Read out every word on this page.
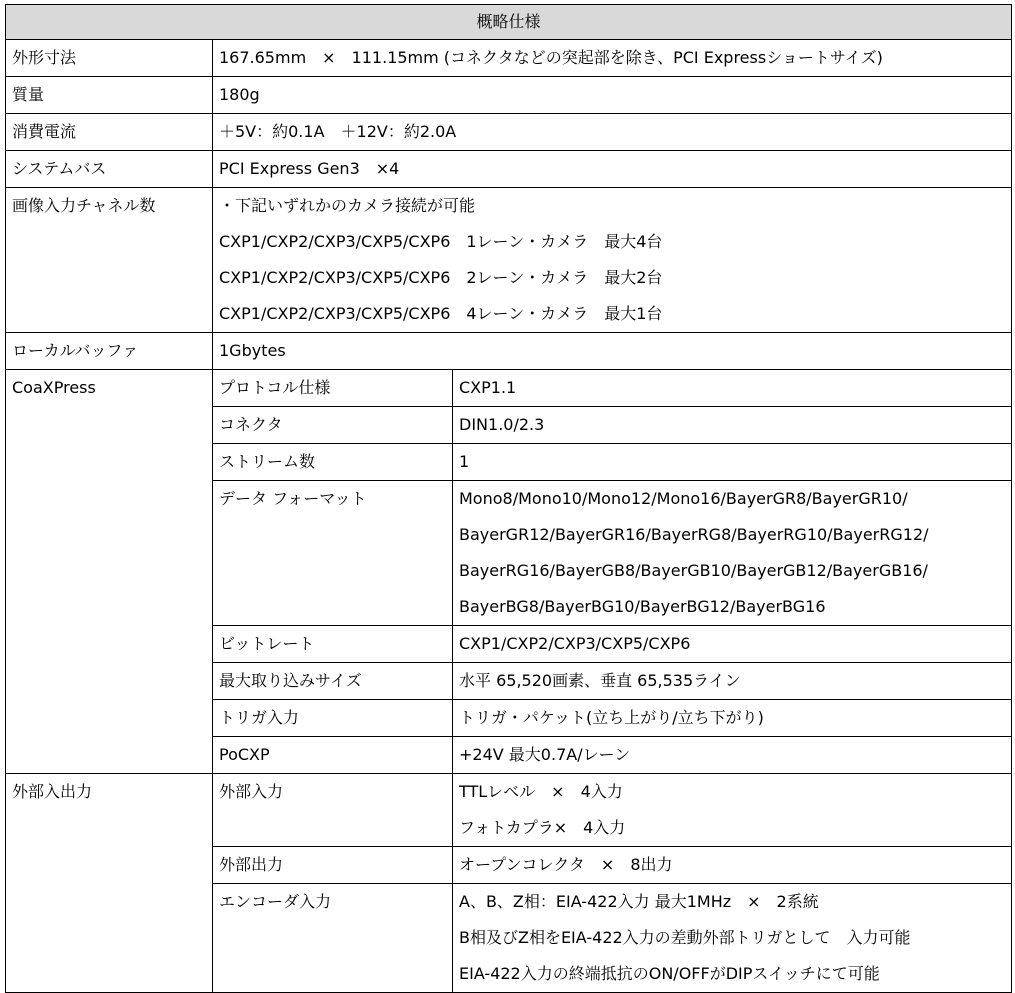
概略仕様		
外形寸法	167.65mm　×　111.15mm (コネクタなどの突起部を除き、PCI Expressショートサイズ)	
質量	180g	
消費電流	＋5V：約0.1A　＋12V：約2.0A	
システムバス	PCI Express Gen3　×4	
画像入力チャネル数	・下記いずれかのカメラ接続が可能
CXP1/CXP2/CXP3/CXP5/CXP6　1レーン・カメラ　最大4台
CXP1/CXP2/CXP3/CXP5/CXP6　2レーン・カメラ　最大2台
CXP1/CXP2/CXP3/CXP5/CXP6　4レーン・カメラ　最大1台	

ローカルバッファ	1Gbytes	
CoaXPress	プロトコル仕様	CXP1.1
	コネクタ	DIN1.0/2.3
	ストリーム数	1
	データ フォーマット	Mono8/Mono10/Mono12/Mono16/BayerGR8/BayerGR10/
BayerGR12/BayerGR16/BayerRG8/BayerRG10/BayerRG12/
BayerRG16/BayerGB8/BayerGB10/BayerGB12/BayerGB16/
BayerBG8/BayerBG10/BayerBG12/BayerBG16

	ビットレート	CXP1/CXP2/CXP3/CXP5/CXP6
	最大取り込みサイズ	水平 65,520画素、垂直 65,535ライン
	トリガ入力	トリガ・パケット(立ち上がり/立ち下がり)
	PoCXP	+24V 最大0.7A/レーン
外部入出力	外部入力	TTLレベル　×　4入力
フォトカプラ×　4入力

	外部出力	オープンコレクタ　×　8出力
	エンコーダ入力	A、B、Z相：EIA-422入力 最大1MHz　×　2系統
B相及びZ相をEIA-422入力の差動外部トリガとして　入力可能
EIA-422入力の終端抵抗のON/OFFがDIPスイッチにて可能
